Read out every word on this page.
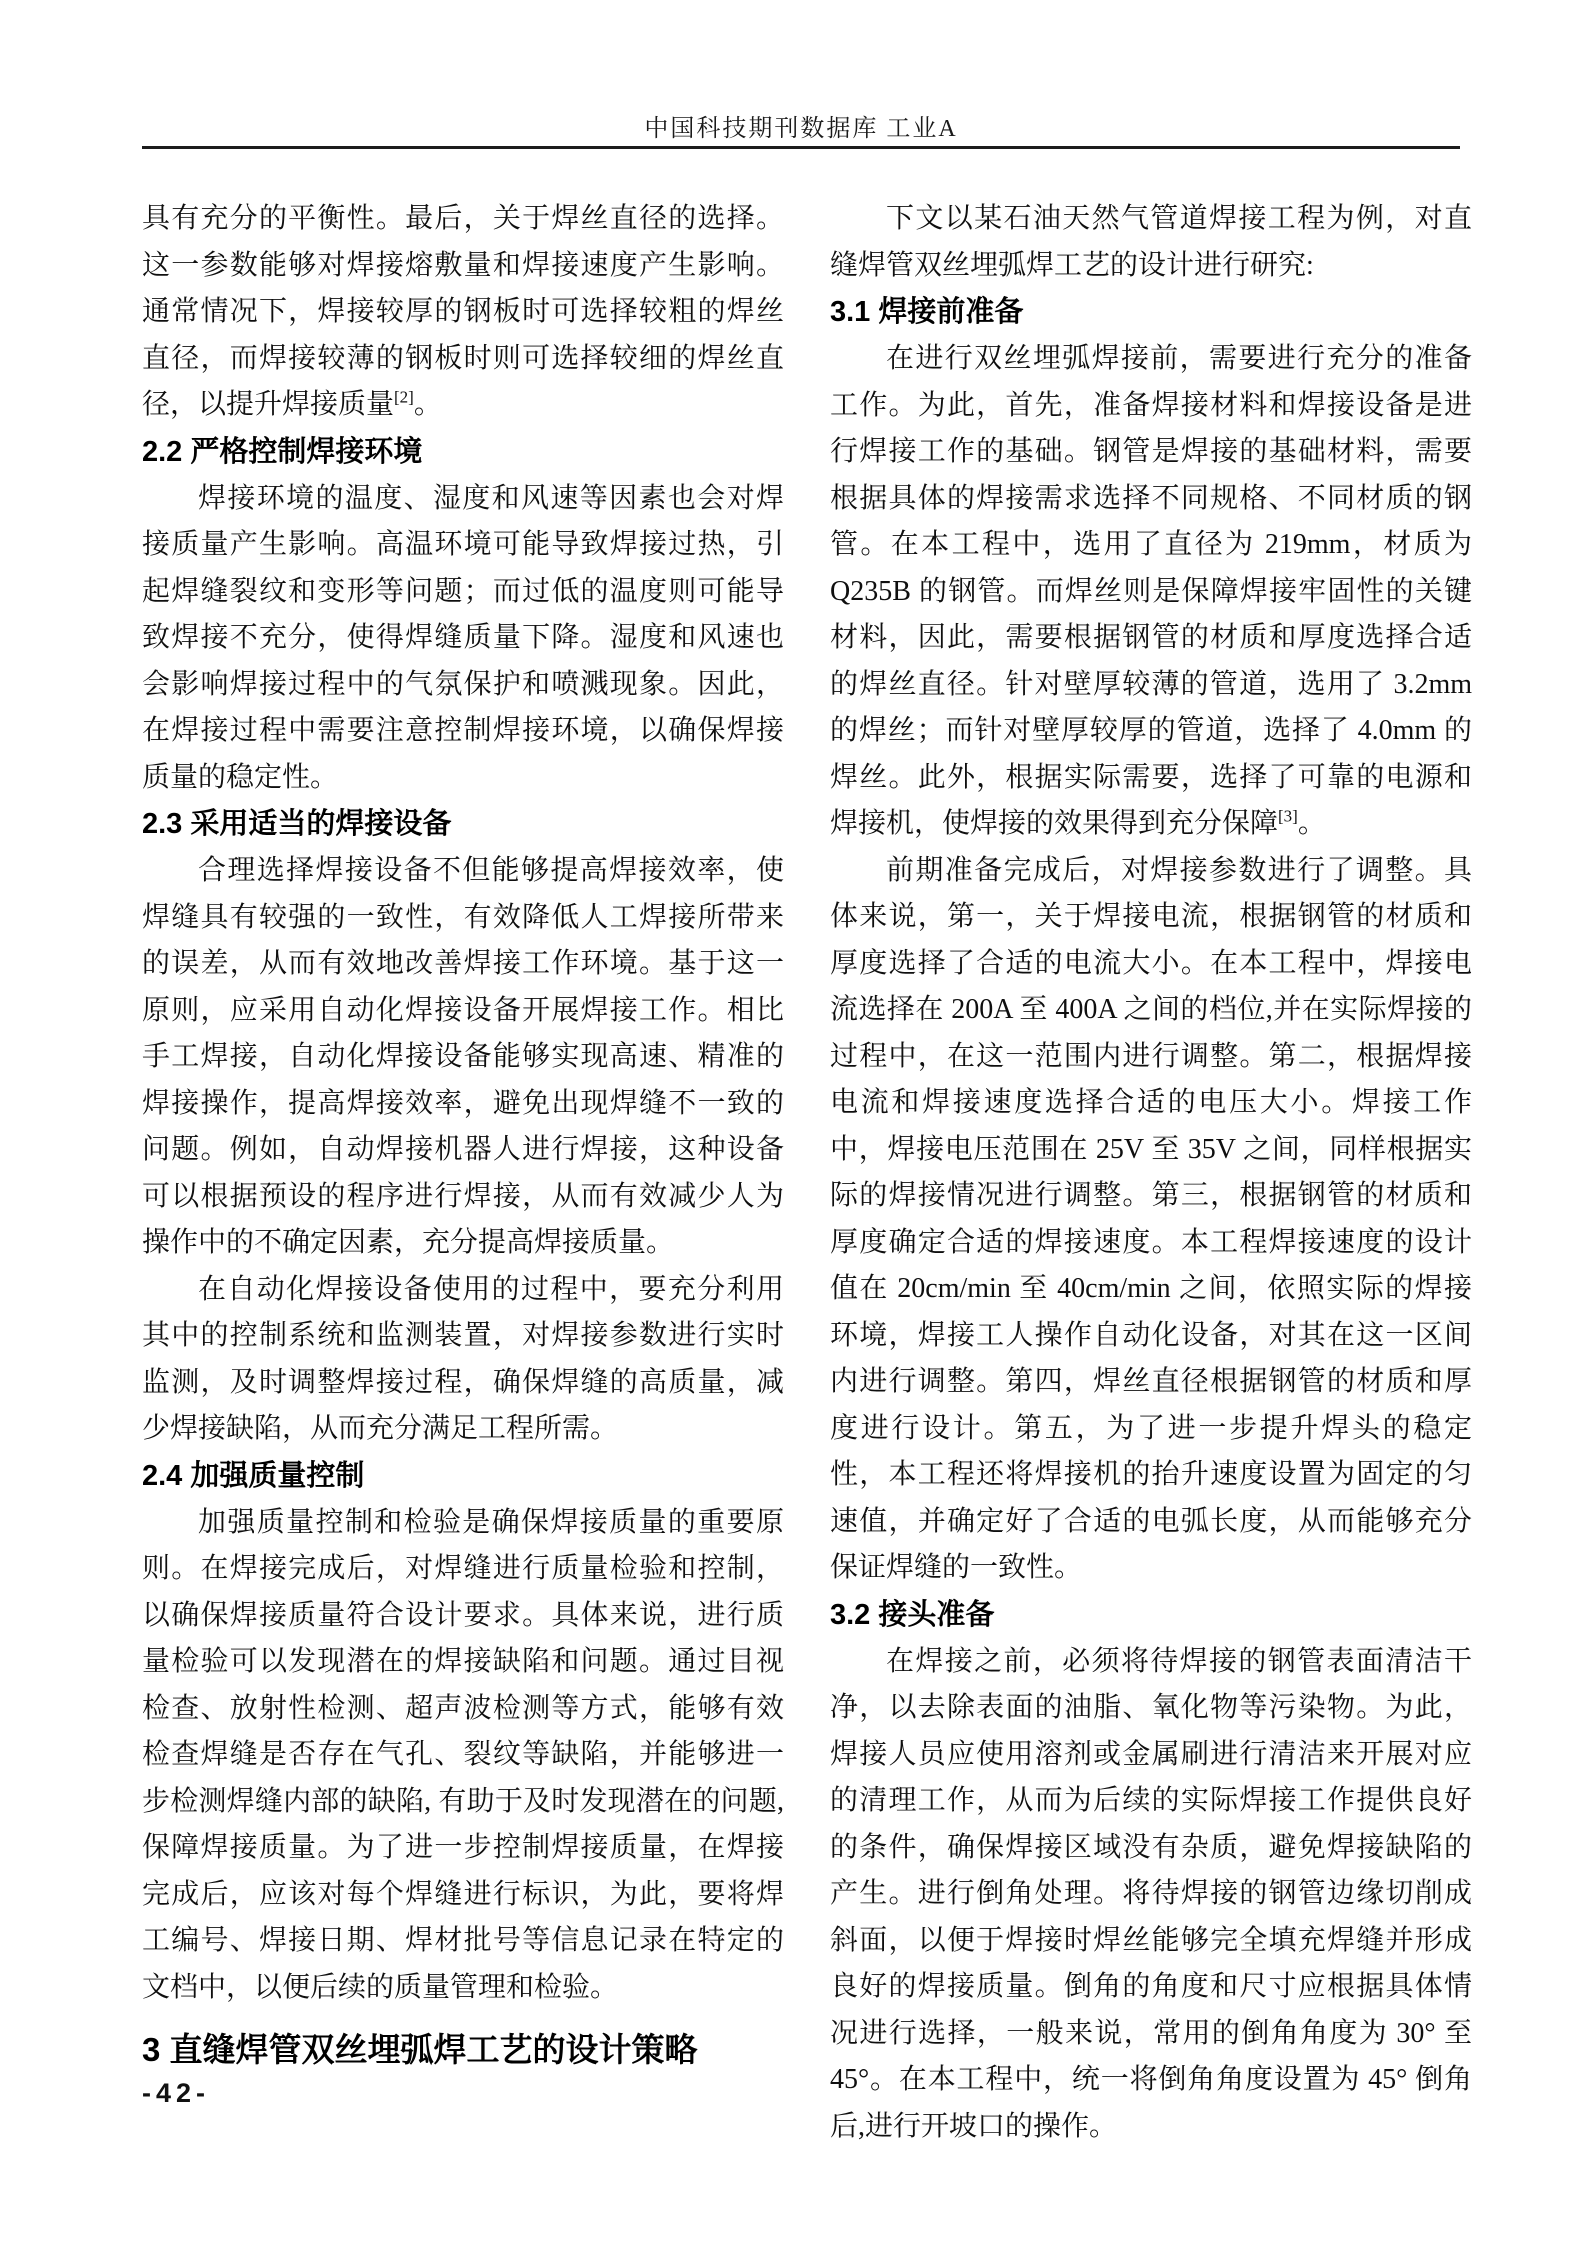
中国科技期刊数据库 工业A

具有充分的平衡性。最后，关于焊丝直径的选择。这一参数能够对焊接熔敷量和焊接速度产生影响。通常情况下，焊接较厚的钢板时可选择较粗的焊丝直径，而焊接较薄的钢板时则可选择较细的焊丝直径，以提升焊接质量[2]。

2.2 严格控制焊接环境

焊接环境的温度、湿度和风速等因素也会对焊接质量产生影响。高温环境可能导致焊接过热，引起焊缝裂纹和变形等问题；而过低的温度则可能导致焊接不充分，使得焊缝质量下降。湿度和风速也会影响焊接过程中的气氛保护和喷溅现象。因此，在焊接过程中需要注意控制焊接环境，以确保焊接质量的稳定性。

2.3 采用适当的焊接设备

合理选择焊接设备不但能够提高焊接效率，使焊缝具有较强的一致性，有效降低人工焊接所带来的误差，从而有效地改善焊接工作环境。基于这一原则，应采用自动化焊接设备开展焊接工作。相比手工焊接，自动化焊接设备能够实现高速、精准的焊接操作，提高焊接效率，避免出现焊缝不一致的问题。例如，自动焊接机器人进行焊接，这种设备可以根据预设的程序进行焊接，从而有效减少人为操作中的不确定因素，充分提高焊接质量。

在自动化焊接设备使用的过程中，要充分利用其中的控制系统和监测装置，对焊接参数进行实时监测，及时调整焊接过程，确保焊缝的高质量，减少焊接缺陷，从而充分满足工程所需。

2.4 加强质量控制

加强质量控制和检验是确保焊接质量的重要原则。在焊接完成后，对焊缝进行质量检验和控制，以确保焊接质量符合设计要求。具体来说，进行质量检验可以发现潜在的焊接缺陷和问题。通过目视检查、放射性检测、超声波检测等方式，能够有效检查焊缝是否存在气孔、裂纹等缺陷，并能够进一步检测焊缝内部的缺陷, 有助于及时发现潜在的问题, 保障焊接质量。为了进一步控制焊接质量，在焊接完成后，应该对每个焊缝进行标识，为此，要将焊工编号、焊接日期、焊材批号等信息记录在特定的文档中，以便后续的质量管理和检验。

3 直缝焊管双丝埋弧焊工艺的设计策略

下文以某石油天然气管道焊接工程为例，对直缝焊管双丝埋弧焊工艺的设计进行研究:

3.1 焊接前准备

在进行双丝埋弧焊接前，需要进行充分的准备工作。为此，首先，准备焊接材料和焊接设备是进行焊接工作的基础。钢管是焊接的基础材料，需要根据具体的焊接需求选择不同规格、不同材质的钢管。在本工程中，选用了直径为 219mm，材质为 Q235B 的钢管。而焊丝则是保障焊接牢固性的关键材料，因此，需要根据钢管的材质和厚度选择合适的焊丝直径。针对壁厚较薄的管道，选用了 3.2mm 的焊丝；而针对壁厚较厚的管道，选择了 4.0mm 的焊丝。此外，根据实际需要，选择了可靠的电源和焊接机，使焊接的效果得到充分保障[3]。

前期准备完成后，对焊接参数进行了调整。具体来说，第一，关于焊接电流，根据钢管的材质和厚度选择了合适的电流大小。在本工程中，焊接电流选择在 200A 至 400A 之间的档位,并在实际焊接的过程中，在这一范围内进行调整。第二，根据焊接电流和焊接速度选择合适的电压大小。焊接工作中，焊接电压范围在 25V 至 35V 之间，同样根据实际的焊接情况进行调整。第三，根据钢管的材质和厚度确定合适的焊接速度。本工程焊接速度的设计值在 20cm/min 至 40cm/min 之间，依照实际的焊接环境，焊接工人操作自动化设备，对其在这一区间内进行调整。第四，焊丝直径根据钢管的材质和厚度进行设计。第五，为了进一步提升焊头的稳定性，本工程还将焊接机的抬升速度设置为固定的匀速值，并确定好了合适的电弧长度，从而能够充分保证焊缝的一致性。

3.2 接头准备

在焊接之前，必须将待焊接的钢管表面清洁干净，以去除表面的油脂、氧化物等污染物。为此，焊接人员应使用溶剂或金属刷进行清洁来开展对应的清理工作，从而为后续的实际焊接工作提供良好的条件，确保焊接区域没有杂质，避免焊接缺陷的产生。进行倒角处理。将待焊接的钢管边缘切削成斜面，以便于焊接时焊丝能够完全填充焊缝并形成良好的焊接质量。倒角的角度和尺寸应根据具体情况进行选择，一般来说，常用的倒角角度为 30° 至 45°。在本工程中，统一将倒角角度设置为 45° 倒角后,进行开坡口的操作。

-42-
